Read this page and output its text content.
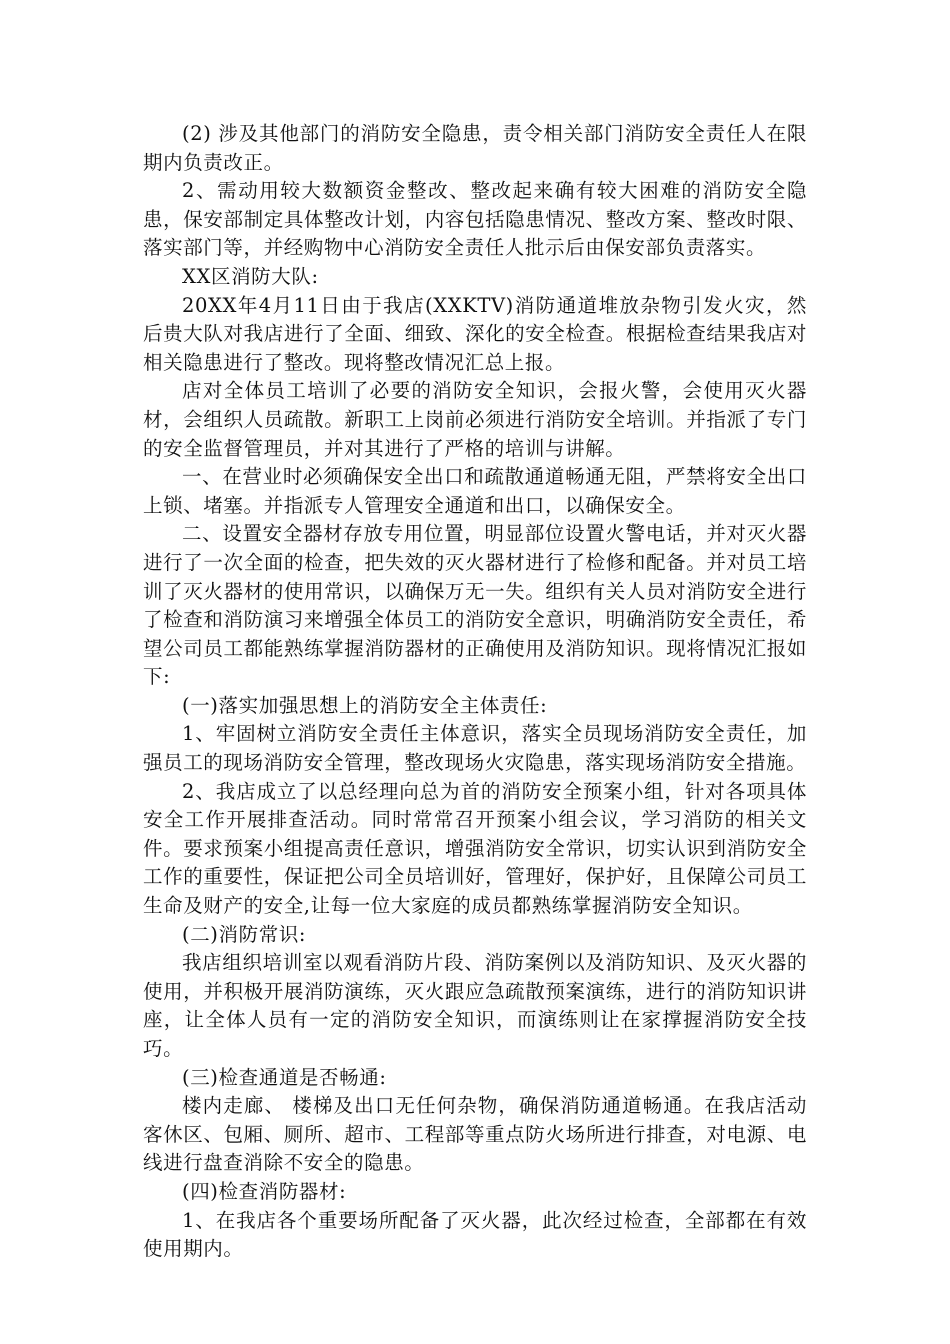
(2) 涉及其他部门的消防安全隐患，责令相关部门消防安全责任人在限期内负责改正。

2、需动用较大数额资金整改、整改起来确有较大困难的消防安全隐患，保安部制定具体整改计划，内容包括隐患情况、整改方案、整改时限、落实部门等，并经购物中心消防安全责任人批示后由保安部负责落实。

XX区消防大队:

20XX年4月11日由于我店(XXKTV)消防通道堆放杂物引发火灾，然后贵大队对我店进行了全面、细致、深化的安全检查。根据检查结果我店对相关隐患进行了整改。现将整改情况汇总上报。

店对全体员工培训了必要的消防安全知识，会报火警，会使用灭火器材，会组织人员疏散。新职工上岗前必须进行消防安全培训。并指派了专门的安全监督管理员，并对其进行了严格的培训与讲解。

一、在营业时必须确保安全出口和疏散通道畅通无阻，严禁将安全出口上锁、堵塞。并指派专人管理安全通道和出口，以确保安全。

二、设置安全器材存放专用位置，明显部位设置火警电话，并对灭火器进行了一次全面的检查，把失效的灭火器材进行了检修和配备。并对员工培训了灭火器材的使用常识，以确保万无一失。组织有关人员对消防安全进行了检查和消防演习来增强全体员工的消防安全意识，明确消防安全责任，希望公司员工都能熟练掌握消防器材的正确使用及消防知识。现将情况汇报如下:

(一)落实加强思想上的消防安全主体责任:

1、牢固树立消防安全责任主体意识，落实全员现场消防安全责任，加强员工的现场消防安全管理，整改现场火灾隐患，落实现场消防安全措施。

2、我店成立了以总经理向总为首的消防安全预案小组，针对各项具体安全工作开展排查活动。同时常常召开预案小组会议，学习消防的相关文件。要求预案小组提高责任意识，增强消防安全常识，切实认识到消防安全工作的重要性，保证把公司全员培训好，管理好，保护好，且保障公司员工生命及财产的安全,让每一位大家庭的成员都熟练掌握消防安全知识。

(二)消防常识:

我店组织培训室以观看消防片段、消防案例以及消防知识、及灭火器的使用，并积极开展消防演练，灭火跟应急疏散预案演练，进行的消防知识讲座，让全体人员有一定的消防安全知识，而演练则让在家撑握消防安全技巧。

(三)检查通道是否畅通:

楼内走廊、 楼梯及出口无任何杂物，确保消防通道畅通。在我店活动客休区、包厢、厕所、超市、工程部等重点防火场所进行排查，对电源、电线进行盘查消除不安全的隐患。

(四)检查消防器材:

1、在我店各个重要场所配备了灭火器，此次经过检查，全部都在有效使用期内。
